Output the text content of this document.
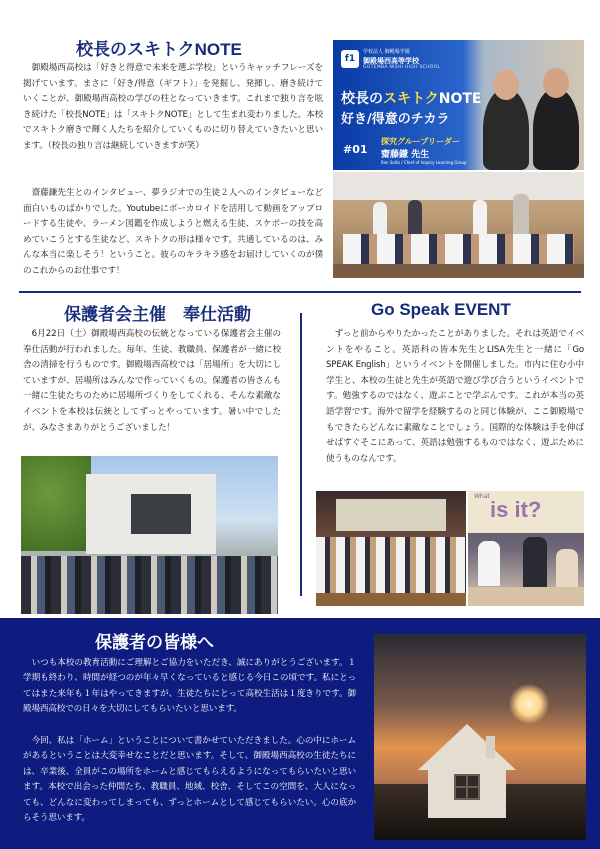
校長のスキトクNOTE

御殿場西高校は「好きと得意で未来を選ぶ学校」というキャッチフレーズを掲げています。まさに「好き/得意（ギフト）」を発掘し、発揮し、磨き続けていくことが、御殿場西高校の学びの柱となっていきます。これまで独り言を呟き続けた「校長NOTE」は「スキトクNOTE」として生まれ変わりました。本校でスキトク磨きで輝く人たちを紹介していくものに切り替えていきたいと思います。（校長の独り言は継続していきますが笑）

齋藤鎌先生とのインタビュー、夢ラジオでの生徒２人へのインタビューなど面白いものばかりでした。Youtubeにボーカロイドを活用して動画をアップロードする生徒や、ラーメン図鑑を作成しようと燃える生徒、スケボーの技を高めていこうとする生徒など、スキトクの形は様々です。共通しているのは、みんな本当に楽しそう！ということ。彼らのキラキラ感をお届けしていくのが僕のこれからのお仕事です！

f1
学校法人 御殿場学園
御殿場西高等学校
GOTEMBA NISHI HIGH SCHOOL
校長のスキトクNOTE
好き/得意のチカラ
#01
探究グループリーダー
齋藤鎌 先生
Ren Saito / Chief of Inquiry Learning Group
保護者会主催　奉仕活動

6月22日（土）御殿場西高校の伝統となっている保護者会主催の奉仕活動が行われました。毎年、生徒、教職員、保護者が一緒に校舎の清掃を行うものです。御殿場西高校では「居場所」を大切にしていますが、居場所はみんなで作っていくもの。保護者の皆さんも一緒に生徒たちのために居場所づくりをしてくれる、そんな素敵なイベントを本校は伝統としてずっとやっています。暑い中でしたが、みなさまありがとうございました！

Go Speak EVENT

ずっと前からやりたかったことがありました。それは英語でイベントをやること。英語科の皆本先生とLISA先生と一緒に「Go SPEAK English」というイベントを開催しました。市内に住む小中学生と、本校の生徒と先生が英語で遊び学び合うというイベントです。勉強するのではなく、遊ぶことで学ぶんです。これが本当の英語学習です。海外で留学を経験するのと同じ体験が、ここ御殿場でもできたらどんなに素敵なことでしょう。国際的な体験は手を伸ばせばすぐそこにあって、英語は勉強するものではなく、遊ぶために使うものなんです。

What
is it?
保護者の皆様へ

いつも本校の教育活動にご理解とご協力をいただき、誠にありがとうございます。１学期も終わり、時間が経つのが年々早くなっていると感じる今日この頃です。私にとってはまた来年も１年はやってきますが、生徒たちにとって高校生活は１度きりです。御殿場西高校での日々を大切にしてもらいたいと思います。

今回、私は「ホーム」ということについて書かせていただきました。心の中にホームがあるということは大変幸せなことだと思います。そして、御殿場西高校の生徒たちには、卒業後、全員がこの場所をホームと感じてもらえるようになってもらいたいと思います。本校で出会った仲間たち、教職員、地域、校舎、そしてこの空間を、大人になっても、どんなに変わってしまっても、ずっとホームとして感じてもらいたい。心の底からそう思います。
